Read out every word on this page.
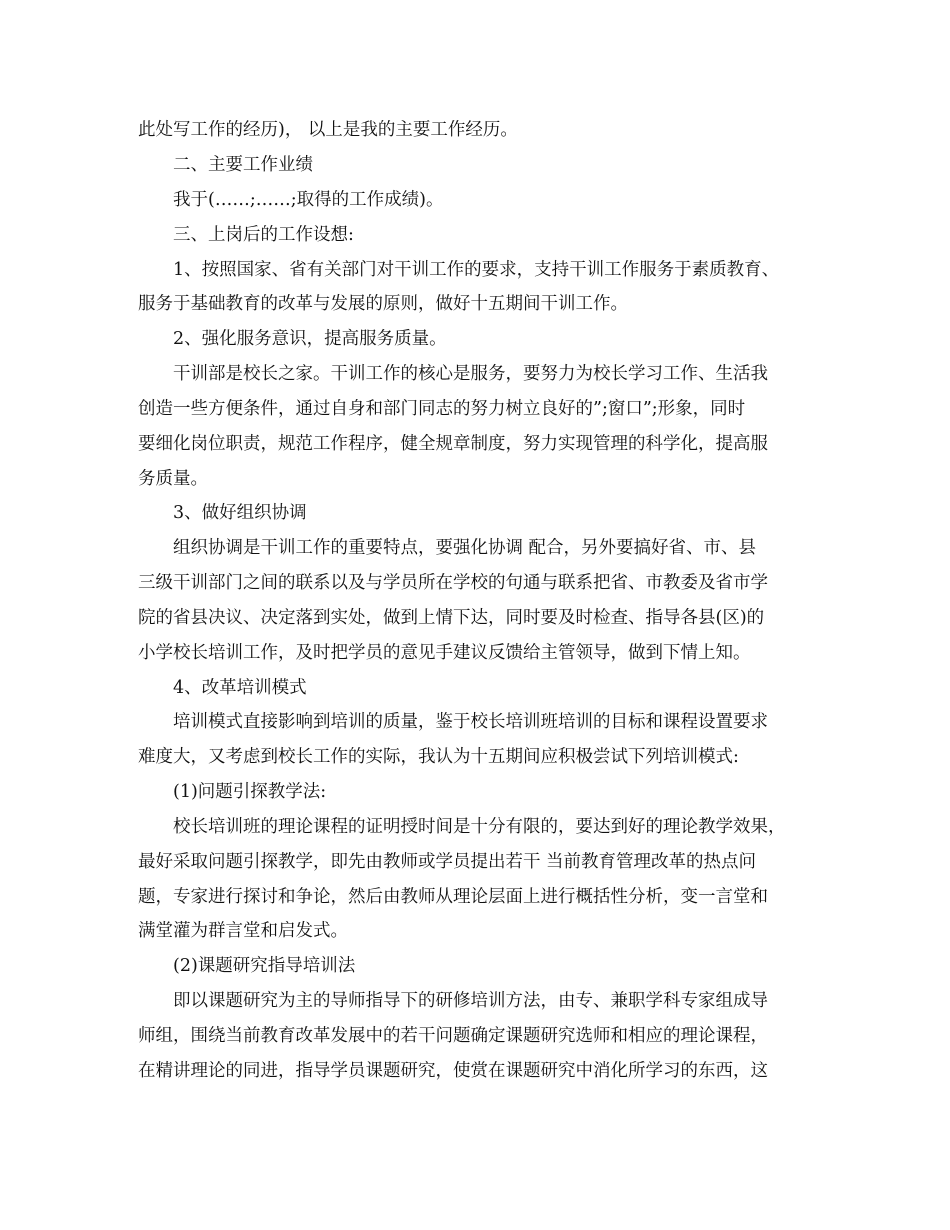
此处写工作的经历)， 以上是我的主要工作经历。
二、主要工作业绩
我于(……;……;取得的工作成绩)。
三、上岗后的工作设想:
1、按照国家、省有关部门对干训工作的要求，支持干训工作服务于素质教育、
服务于基础教育的改革与发展的原则，做好十五期间干训工作。
2、强化服务意识，提高服务质量。
干训部是校长之家。干训工作的核心是服务，要努力为校长学习工作、生活我
创造一些方便条件，通过自身和部门同志的努力树立良好的”;窗口”;形象，同时
要细化岗位职责，规范工作程序，健全规章制度，努力实现管理的科学化，提高服
务质量。
3、做好组织协调
组织协调是干训工作的重要特点，要强化协调 配合，另外要搞好省、市、县
三级干训部门之间的联系以及与学员所在学校的句通与联系把省、市教委及省市学
院的省县决议、决定落到实处，做到上情下达，同时要及时检查、指导各县(区)的
小学校长培训工作，及时把学员的意见手建议反馈给主管领导，做到下情上知。
4、改革培训模式
培训模式直接影响到培训的质量，鉴于校长培训班培训的目标和课程设置要求
难度大，又考虑到校长工作的实际，我认为十五期间应积极尝试下列培训模式:
(1)问题引探教学法:
校长培训班的理论课程的证明授时间是十分有限的，要达到好的理论教学效果，
最好采取问题引探教学，即先由教师或学员提出若干 当前教育管理改革的热点问
题，专家进行探讨和争论，然后由教师从理论层面上进行概括性分析，变一言堂和
满堂灌为群言堂和启发式。
(2)课题研究指导培训法
即以课题研究为主的导师指导下的研修培训方法，由专、兼职学科专家组成导
师组，围绕当前教育改革发展中的若干问题确定课题研究选师和相应的理论课程，
在精讲理论的同进，指导学员课题研究，使赏在课题研究中消化所学习的东西，这
